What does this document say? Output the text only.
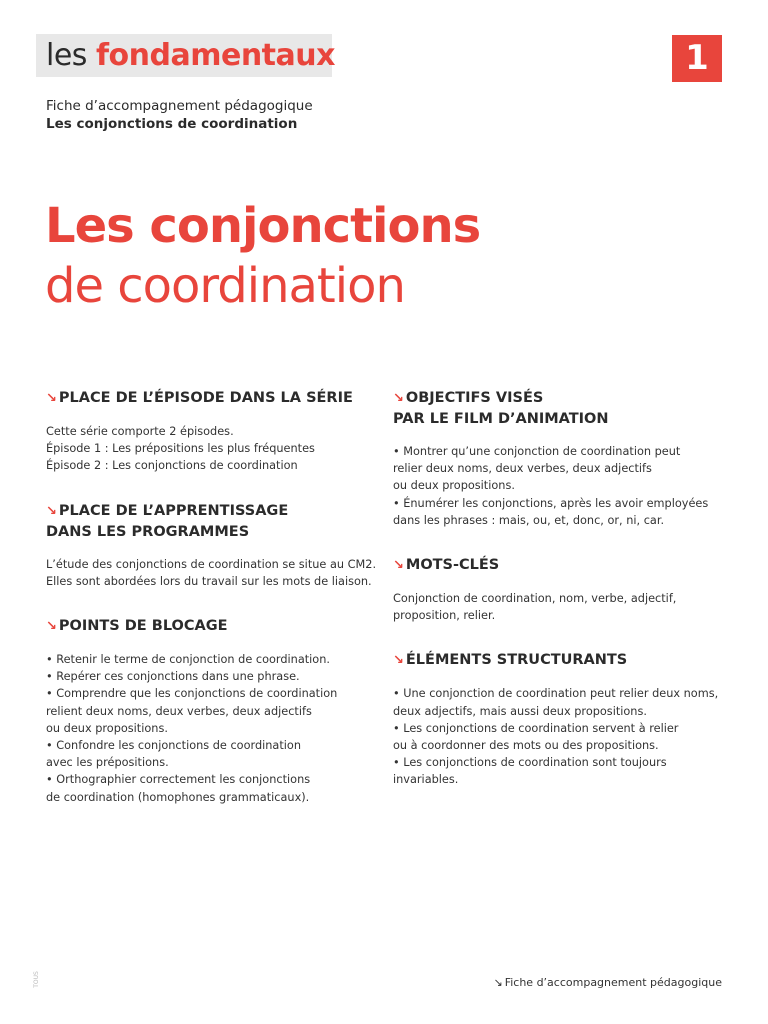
les fondamentaux	1
Fiche d’accompagnement pédagogique
Les conjonctions de coordination
Les conjonctions
de coordination
↘ PLACE DE L’ÉPISODE DANS LA SÉRIE
Cette série comporte 2 épisodes.
Épisode 1 : Les prépositions les plus fréquentes
Épisode 2 : Les conjonctions de coordination
↘ PLACE DE L’APPRENTISSAGE
DANS LES PROGRAMMES
L’étude des conjonctions de coordination se situe au CM2.
Elles sont abordées lors du travail sur les mots de liaison.
↘ POINTS DE BLOCAGE
• Retenir le terme de conjonction de coordination.
• Repérer ces conjonctions dans une phrase.
• Comprendre que les conjonctions de coordination
relient deux noms, deux verbes, deux adjectifs
ou deux propositions.
• Confondre les conjonctions de coordination
avec les prépositions.
• Orthographier correctement les conjonctions
de coordination (homophones grammaticaux).
↘ OBJECTIFS VISÉS
PAR LE FILM D’ANIMATION
• Montrer qu’une conjonction de coordination peut
relier deux noms, deux verbes, deux adjectifs
ou deux propositions.
• Énumérer les conjonctions, après les avoir employées
dans les phrases : mais, ou, et, donc, or, ni, car.
↘ MOTS-CLÉS
Conjonction de coordination, nom, verbe, adjectif,
proposition, relier.
↘ ÉLÉMENTS STRUCTURANTS
• Une conjonction de coordination peut relier deux noms,
deux adjectifs, mais aussi deux propositions.
• Les conjonctions de coordination servent à relier
ou à coordonner des mots ou des propositions.
• Les conjonctions de coordination sont toujours invariables.
TOUS	↘ Fiche d’accompagnement pédagogique
